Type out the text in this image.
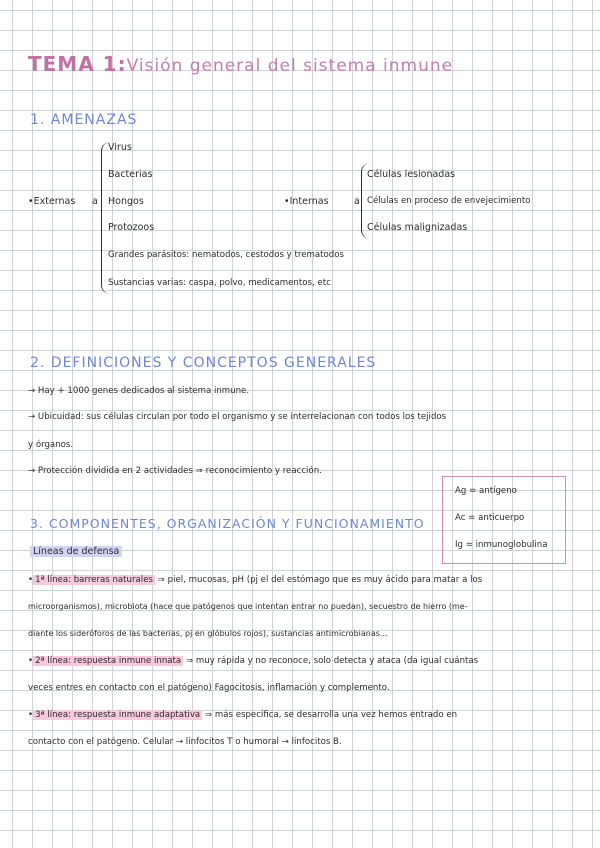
TEMA 1:Visión general del sistema inmune
1. AMENAZAS
•Externas a
Virus
Bacterias
Hongos
Protozoos
Grandes parásitos: nematodos, cestodos y trematodos
Sustancias varias: caspa, polvo, medicamentos, etc
•Internas	a
Células lesionadas
Células en proceso de envejecimiento
Células malignizadas
2. DEFINICIONES Y CONCEPTOS GENERALES
→ Hay + 1000 genes dedicados al sistema inmune.
→ Ubicuidad: sus células circulan por todo el organismo y se interrelacionan con todos los tejidos
y órganos.
→ Protección dividida en 2 actividades ⇒ reconocimiento y reacción.
Ag = antígeno
Ac = anticuerpo
Ig = inmunoglobulina
3. COMPONENTES, ORGANIZACIÓN Y FUNCIONAMIENTO
Líneas de defensa
• 1ª línea: barreras naturales ⇒ piel, mucosas, pH (pj el del estómago que es muy ácido para matar a los
microorganismos), microbiota (hace que patógenos que intentan entrar no puedan), secuestro de hierro (me-
diante los sideróforos de las bacterias, pj en glóbulos rojos), sustancias antimicrobianas...
• 2ª línea: respuesta inmune innata ⇒ muy rápida y no reconoce, solo detecta y ataca (da igual cuántas
veces entres en contacto con el patógeno) Fagocitosis, inflamación y complemento.
• 3ª línea: respuesta inmune adaptativa ⇒ más específica, se desarrolla una vez hemos entrado en
contacto con el patógeno. Celular → linfocitos T o humoral → linfocitos B.
